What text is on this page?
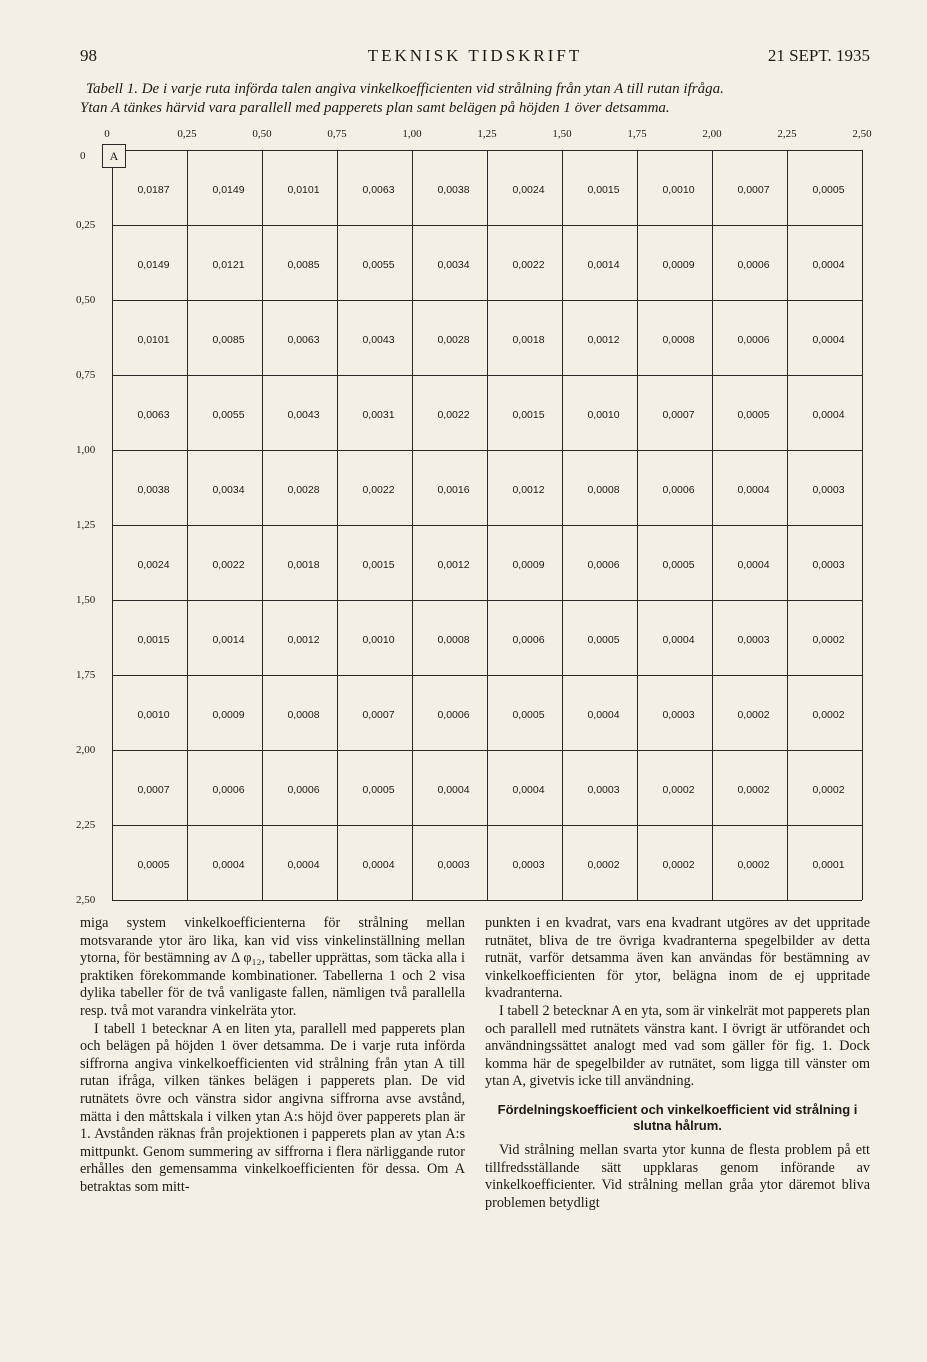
98	TEKNISK TIDSKRIFT	21 SEPT. 1935
Tabell 1. De i varje ruta införda talen angiva vinkelkoefficienten vid strålning från ytan A till rutan ifråga.
Ytan A tänkes härvid vara parallell med papperets plan samt belägen på höjden 1 över detsamma.
0	0,25	0,50	0,75	1,00	1,25	1,50	1,75	2,00	2,25	2,50
0
0,25
0,50
0,75
1,00
1,25
1,50
1,75
2,00
2,25
2,50
0,0187	0,0149	0,0101	0,0063	0,0038	0,0024	0,0015	0,0010	0,0007	0,0005
0,0149	0,0121	0,0085	0,0055	0,0034	0,0022	0,0014	0,0009	0,0006	0,0004
0,0101	0,0085	0,0063	0,0043	0,0028	0,0018	0,0012	0,0008	0,0006	0,0004
0,0063	0,0055	0,0043	0,0031	0,0022	0,0015	0,0010	0,0007	0,0005	0,0004
0,0038	0,0034	0,0028	0,0022	0,0016	0,0012	0,0008	0,0006	0,0004	0,0003
0,0024	0,0022	0,0018	0,0015	0,0012	0,0009	0,0006	0,0005	0,0004	0,0003
0,0015	0,0014	0,0012	0,0010	0,0008	0,0006	0,0005	0,0004	0,0003	0,0002
0,0010	0,0009	0,0008	0,0007	0,0006	0,0005	0,0004	0,0003	0,0002	0,0002
0,0007	0,0006	0,0006	0,0005	0,0004	0,0004	0,0003	0,0002	0,0002	0,0002
0,0005	0,0004	0,0004	0,0004	0,0003	0,0003	0,0002	0,0002	0,0002	0,0001
A

miga system vinkelkoefficienterna för strålning mellan motsvarande ytor äro lika, kan vid viss vinkelinställning mellan ytorna, för bestämning av Δ φ₁₂, tabeller upprättas, som täcka alla i praktiken förekommande kombinationer. Tabellerna 1 och 2 visa dylika tabeller för de två vanligaste fallen, nämligen två parallella resp. två mot varandra vinkelräta ytor.

I tabell 1 betecknar A en liten yta, parallell med papperets plan och belägen på höjden 1 över detsamma. De i varje ruta införda siffrorna angiva vinkelkoefficienten vid strålning från ytan A till rutan ifråga, vilken tänkes belägen i papperets plan. De vid rutnätets övre och vänstra sidor angivna siffrorna avse avstånd, mätta i den måttskala i vilken ytan A:s höjd över papperets plan är 1. Avstånden räknas från projektionen i papperets plan av ytan A:s mittpunkt. Genom summering av siffrorna i flera närliggande rutor erhålles den gemensamma vinkelkoefficienten för dessa. Om A betraktas som mitt-

punkten i en kvadrat, vars ena kvadrant utgöres av det uppritade rutnätet, bliva de tre övriga kvadranterna spegelbilder av detta rutnät, varför detsamma även kan användas för bestämning av vinkelkoefficienten för ytor, belägna inom de ej uppritade kvadranterna.

I tabell 2 betecknar A en yta, som är vinkelrät mot papperets plan och parallell med rutnätets vänstra kant. I övrigt är utförandet och användningssättet analogt med vad som gäller för fig. 1. Dock komma här de spegelbilder av rutnätet, som ligga till vänster om ytan A, givetvis icke till användning.

Fördelningskoefficient och vinkelkoefficient vid strålning i slutna hålrum.

Vid strålning mellan svarta ytor kunna de flesta problem på ett tillfredsställande sätt uppklaras genom införande av vinkelkoefficienter. Vid strålning mellan gråa ytor däremot bliva problemen betydligt
